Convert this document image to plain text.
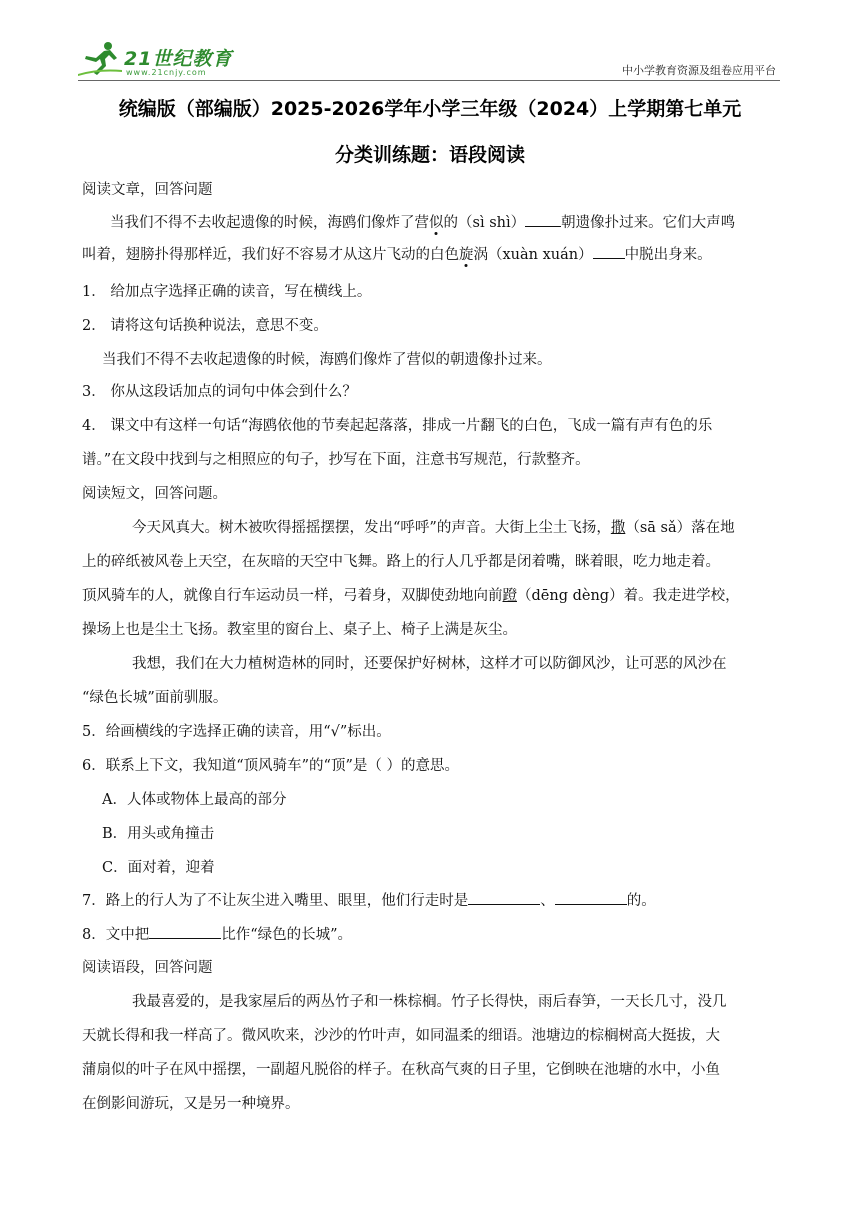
21世纪教育
www.21cnjy.com	中小学教育资源及组卷应用平台
统编版（部编版）2025-2026学年小学三年级（2024）上学期第七单元
分类训练题：语段阅读
阅读文章，回答问题
当我们不得不去收起遗像的时候，海鸥们像炸了营似的（sì shì） 朝遗像扑过来。它们大声鸣
叫着，翅膀扑得那样近，我们好不容易才从这片飞动的白色旋涡（xuàn xuán） 中脱出身来。
1． 给加点字选择正确的读音，写在横线上。
2． 请将这句话换种说法，意思不变。
当我们不得不去收起遗像的时候，海鸥们像炸了营似的朝遗像扑过来。
3． 你从这段话加点的词句中体会到什么？
4． 课文中有这样一句话“海鸥依他的节奏起起落落，排成一片翻飞的白色，飞成一篇有声有色的乐
谱。”在文段中找到与之相照应的句子，抄写在下面，注意书写规范，行款整齐。
阅读短文，回答问题。
今天风真大。树木被吹得摇摇摆摆，发出“呼呼”的声音。大街上尘土飞扬，撒（sā sǎ）落在地
上的碎纸被风卷上天空，在灰暗的天空中飞舞。路上的行人几乎都是闭着嘴，眯着眼，吃力地走着。
顶风骑车的人，就像自行车运动员一样，弓着身，双脚使劲地向前蹬（dēng dèng）着。我走进学校，
操场上也是尘土飞扬。教室里的窗台上、桌子上、椅子上满是灰尘。
我想，我们在大力植树造林的同时，还要保护好树林，这样才可以防御风沙，让可恶的风沙在
“绿色长城”面前驯服。
5．给画横线的字选择正确的读音，用“√”标出。
6．联系上下文，我知道“顶风骑车”的“顶”是（ ）的意思。
A．人体或物体上最高的部分
B．用头或角撞击
C．面对着，迎着
7．路上的行人为了不让灰尘进入嘴里、眼里，他们行走时是	、	的。
8．文中把	比作“绿色的长城”。
阅读语段，回答问题
我最喜爱的，是我家屋后的两丛竹子和一株棕榈。竹子长得快，雨后春笋，一天长几寸，没几
天就长得和我一样高了。微风吹来，沙沙的竹叶声，如同温柔的细语。池塘边的棕榈树高大挺拔，大
蒲扇似的叶子在风中摇摆，一副超凡脱俗的样子。在秋高气爽的日子里，它倒映在池塘的水中，小鱼
在倒影间游玩，又是另一种境界。
